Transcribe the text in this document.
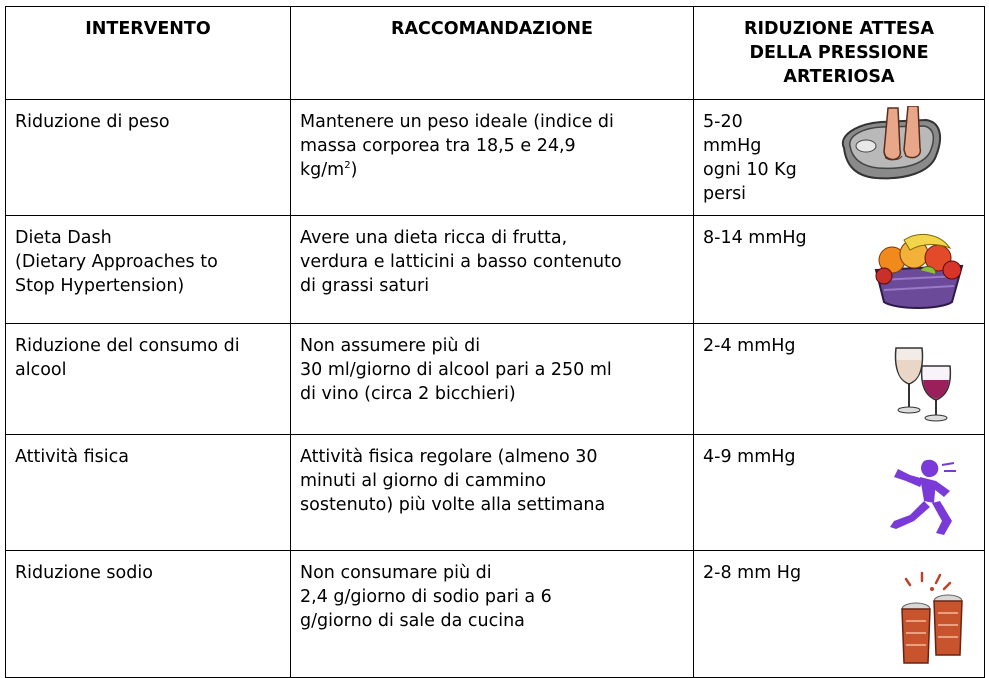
INTERVENTO	RACCOMANDAZIONE	RIDUZIONE ATTESA
DELLA PRESSIONE
ARTERIOSA

Riduzione di peso	Mantenere un peso ideale (indice di
massa corporea tra 18,5 e 24,9
$kg/m^2$)	5-20
mmHg
ogni 10 Kg
persi

Dieta Dash
(Dietary Approaches to
Stop Hypertension)	Avere una dieta ricca di frutta,
verdura e latticini a basso contenuto
di grassi saturi	8-14 mmHg

Riduzione del consumo di
alcool	Non assumere più di
30 ml/giorno di alcool pari a 250 ml
di vino (circa 2 bicchieri)	2-4 mmHg

Attività fisica	Attività fisica regolare (almeno 30
minuti al giorno di cammino
sostenuto) più volte alla settimana	4-9 mmHg

Riduzione sodio	Non consumare più di
2,4 g/giorno di sodio pari a 6
g/giorno di sale da cucina	2-8 mm Hg
